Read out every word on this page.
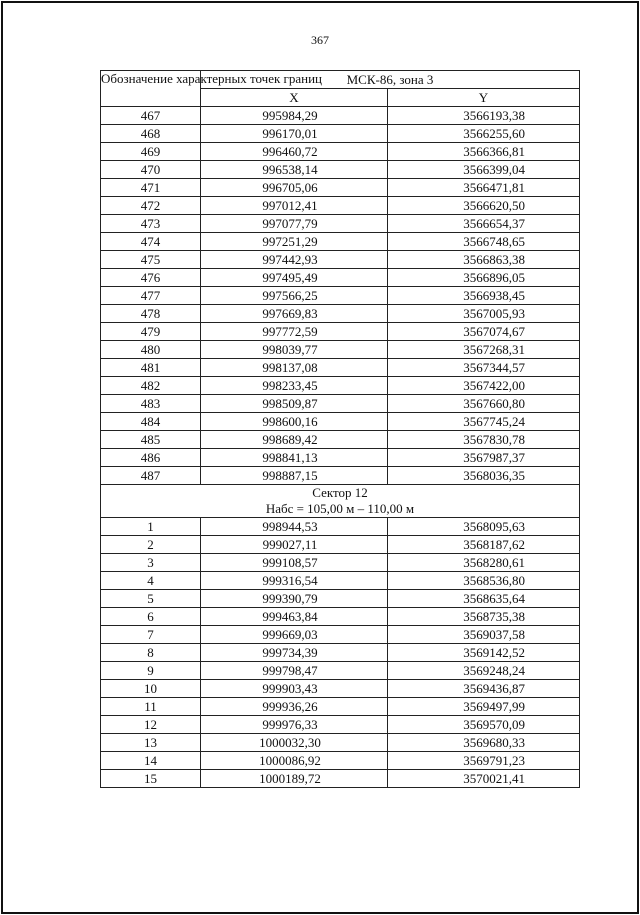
367
Обозначение характерных точек границ	МСК-86, зона 3	
	X	Y
467	995984,29	3566193,38
468	996170,01	3566255,60
469	996460,72	3566366,81
470	996538,14	3566399,04
471	996705,06	3566471,81
472	997012,41	3566620,50
473	997077,79	3566654,37
474	997251,29	3566748,65
475	997442,93	3566863,38
476	997495,49	3566896,05
477	997566,25	3566938,45
478	997669,83	3567005,93
479	997772,59	3567074,67
480	998039,77	3567268,31
481	998137,08	3567344,57
482	998233,45	3567422,00
483	998509,87	3567660,80
484	998600,16	3567745,24
485	998689,42	3567830,78
486	998841,13	3567987,37
487	998887,15	3568036,35

Сектор 12
Нaбс = 105,00 м – 110,00 м		

1	998944,53	3568095,63
2	999027,11	3568187,62
3	999108,57	3568280,61
4	999316,54	3568536,80
5	999390,79	3568635,64
6	999463,84	3568735,38
7	999669,03	3569037,58
8	999734,39	3569142,52
9	999798,47	3569248,24
10	999903,43	3569436,87
11	999936,26	3569497,99
12	999976,33	3569570,09
13	1000032,30	3569680,33
14	1000086,92	3569791,23
15	1000189,72	3570021,41
